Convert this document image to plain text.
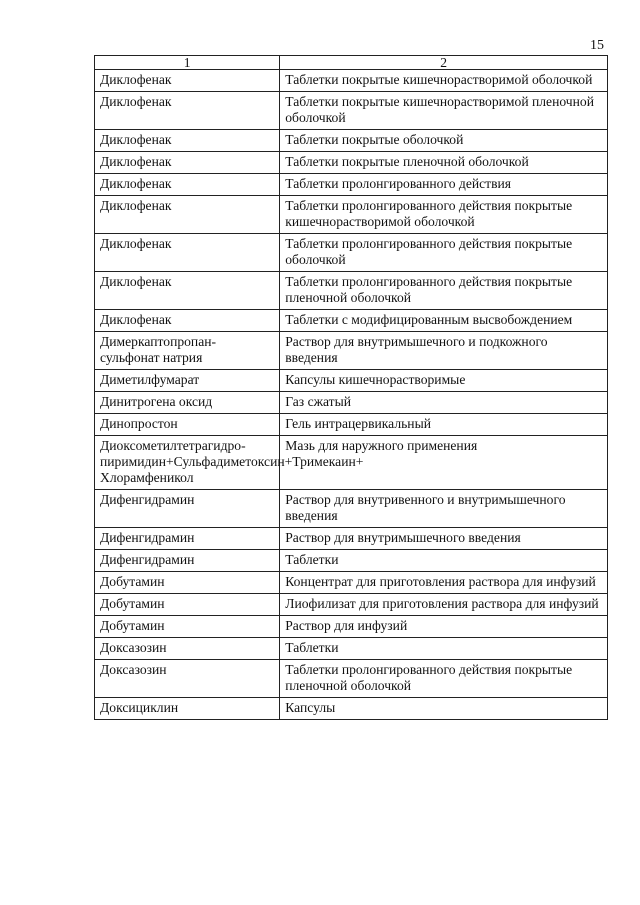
15
1	2
Диклофенак	Таблетки покрытые кишечнорастворимой оболочкой
Диклофенак	Таблетки покрытые кишечнорастворимой пленочной оболочкой
Диклофенак	Таблетки покрытые оболочкой
Диклофенак	Таблетки покрытые пленочной оболочкой
Диклофенак	Таблетки пролонгированного действия
Диклофенак	Таблетки пролонгированного действия покрытые кишечнорастворимой оболочкой
Диклофенак	Таблетки пролонгированного действия покрытые оболочкой
Диклофенак	Таблетки пролонгированного действия покрытые пленочной оболочкой
Диклофенак	Таблетки с модифицированным высвобождением
Димеркаптопропан-сульфонат натрия	Раствор для внутримышечного и подкожного введения
Диметилфумарат	Капсулы кишечнорастворимые
Динитрогена оксид	Газ сжатый
Динопростон	Гель интрацервикальный
Диоксометилтетрагидро-пиримидин+Сульфадиметоксин+Тримекаин+ Хлорамфеникол	Мазь для наружного применения
Дифенгидрамин	Раствор для внутривенного и внутримышечного введения
Дифенгидрамин	Раствор для внутримышечного введения
Дифенгидрамин	Таблетки
Добутамин	Концентрат для приготовления раствора для инфузий
Добутамин	Лиофилизат для приготовления раствора для инфузий
Добутамин	Раствор для инфузий
Доксазозин	Таблетки
Доксазозин	Таблетки пролонгированного действия покрытые пленочной оболочкой
Доксициклин	Капсулы
